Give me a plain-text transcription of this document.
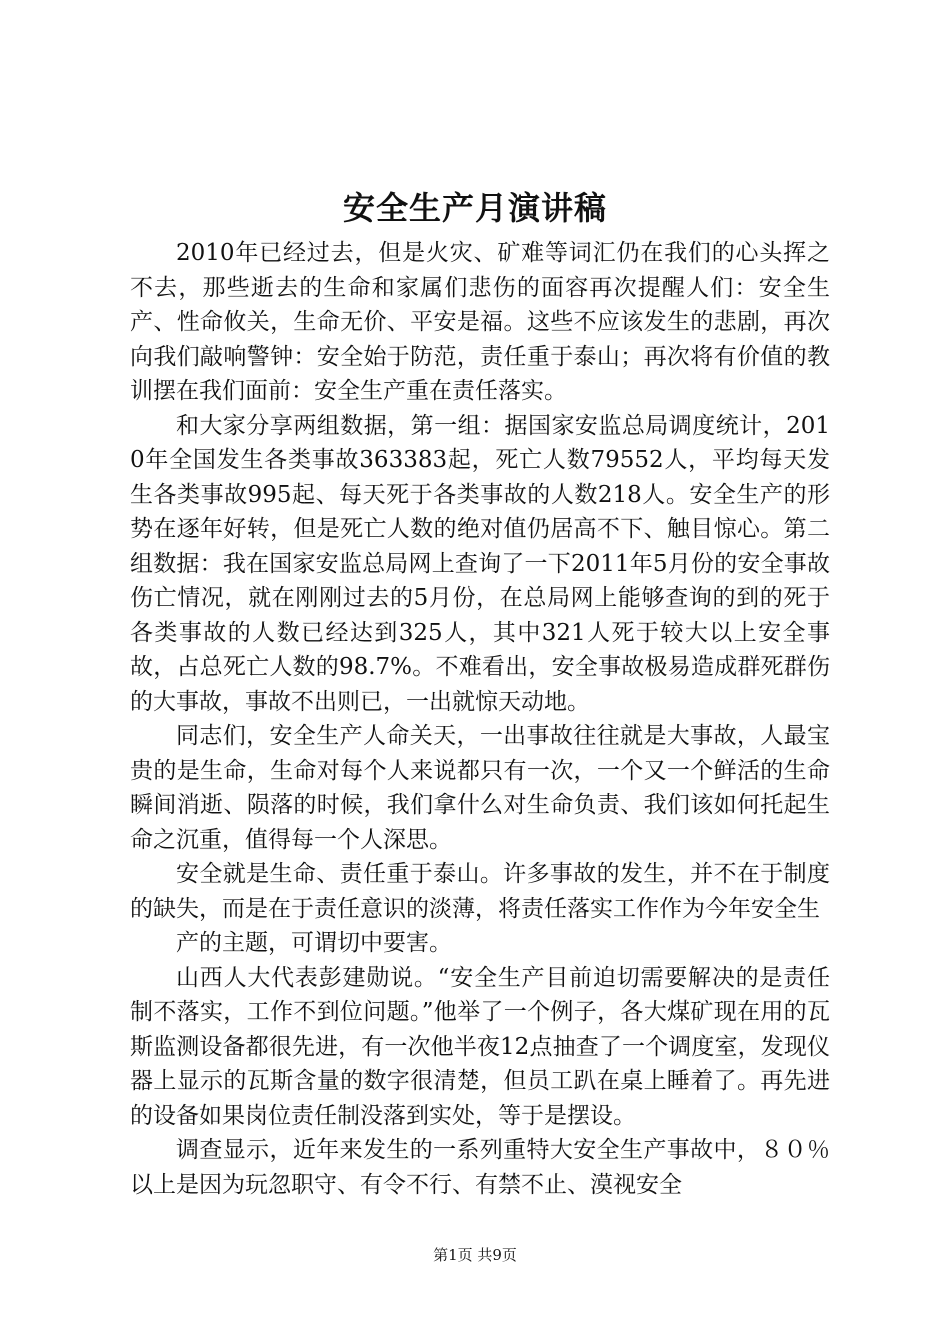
安全生产月演讲稿

2010年已经过去，但是火灾、矿难等词汇仍在我们的心头挥之不去，那些逝去的生命和家属们悲伤的面容再次提醒人们：安全生产、性命攸关，生命无价、平安是福。这些不应该发生的悲剧，再次向我们敲响警钟：安全始于防范，责任重于泰山；再次将有价值的教训摆在我们面前：安全生产重在责任落实。

和大家分享两组数据，第一组：据国家安监总局调度统计，2010年全国发生各类事故363383起，死亡人数79552人，平均每天发生各类事故995起、每天死于各类事故的人数218人。安全生产的形势在逐年好转，但是死亡人数的绝对值仍居高不下、触目惊心。第二组数据：我在国家安监总局网上查询了一下2011年5月份的安全事故伤亡情况，就在刚刚过去的5月份，在总局网上能够查询的到的死于各类事故的人数已经达到325人，其中321人死于较大以上安全事故，占总死亡人数的98.7%。不难看出，安全事故极易造成群死群伤的大事故，事故不出则已，一出就惊天动地。

同志们，安全生产人命关天，一出事故往往就是大事故，人最宝贵的是生命，生命对每个人来说都只有一次，一个又一个鲜活的生命瞬间消逝、陨落的时候，我们拿什么对生命负责、我们该如何托起生命之沉重，值得每一个人深思。

安全就是生命、责任重于泰山。许多事故的发生，并不在于制度的缺失，而是在于责任意识的淡薄，将责任落实工作作为今年安全生

产的主题，可谓切中要害。

山西人大代表彭建勋说。“安全生产目前迫切需要解决的是责任制不落实，工作不到位问题。”他举了一个例子，各大煤矿现在用的瓦斯监测设备都很先进，有一次他半夜12点抽查了一个调度室，发现仪器上显示的瓦斯含量的数字很清楚，但员工趴在桌上睡着了。再先进的设备如果岗位责任制没落到实处，等于是摆设。

调查显示，近年来发生的一系列重特大安全生产事故中，８０％以上是因为玩忽职守、有令不行、有禁不止、漠视安全

第1页 共9页
